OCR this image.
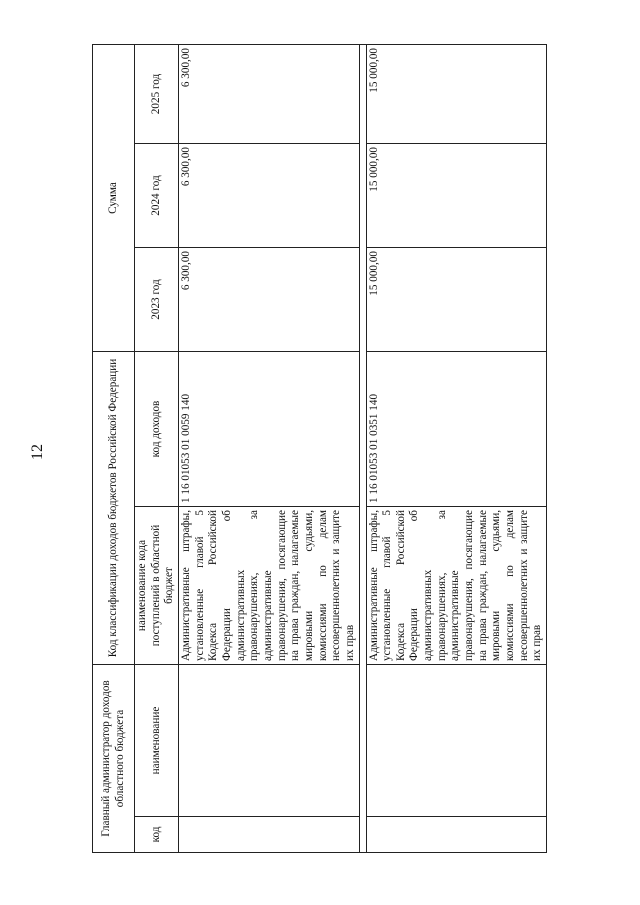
12
Главный администратор доходов областного бюджета		Код классификации доходов бюджетов Российской Федерации		Сумма		
код	наименование	наименование кода поступлений в областной бюджет	код доходов	2023 год	2024 год	2025 год
		Административные штрафы, установленные главой 5 Кодекса Российской Федерации об административных правонарушениях, за административные правонарушения, посягающие на права граждан, налагаемые мировыми судьями, комиссиями по делам несовершеннолетних и защите их прав	1 16 01053 01 0059 140	6 300,00	6 300,00	6 300,00

		Административные штрафы, установленные главой 5 Кодекса Российской Федерации об административных правонарушениях, за административные правонарушения, посягающие на права граждан, налагаемые мировыми судьями, комиссиями по делам несовершеннолетних и защите их прав	1 16 01053 01 0351 140	15 000,00	15 000,00	15 000,00
